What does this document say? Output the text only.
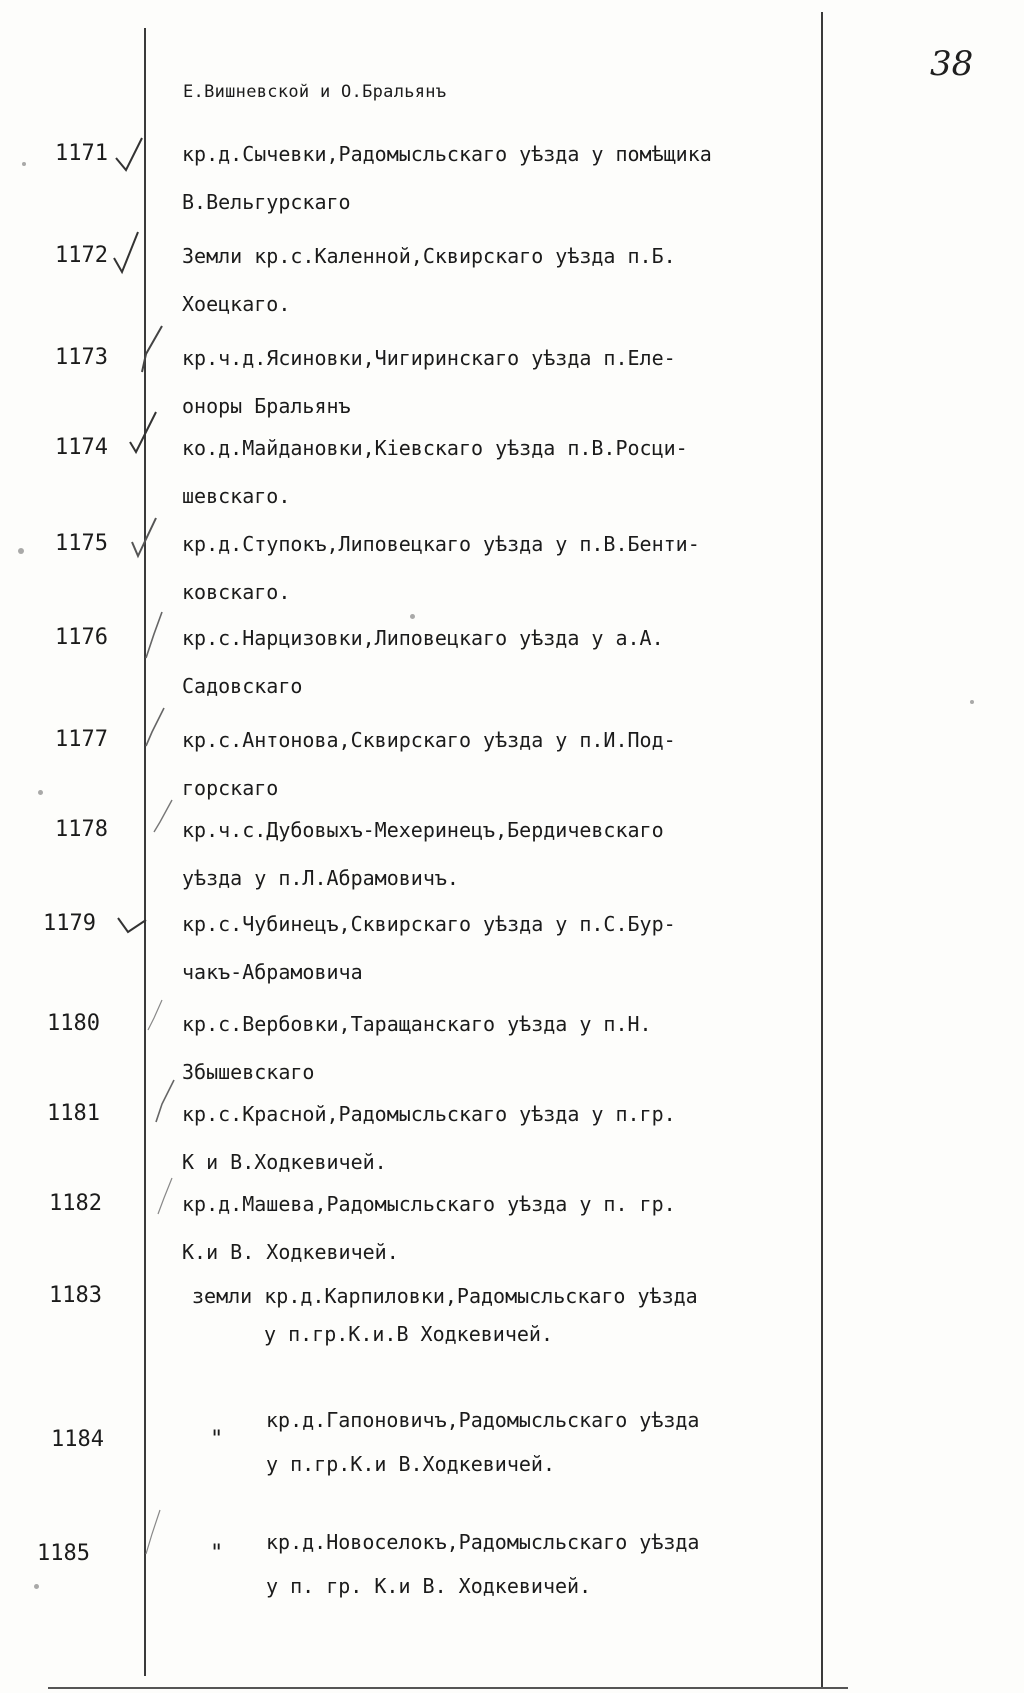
38
Е.Вишневской и О.Бральянъ
1171	кр.д.Сычевки,Радомысльскаго уѣзда у помѣщика
В.Вельгурскаго
1172	Земли кр.с.Каленной,Сквирскаго уѣзда п.Б.
Хоецкаго.
1173	кр.ч.д.Ясиновки,Чигиринскаго уѣзда п.Еле-
оноры Бральянъ
1174	ко.д.Майдановки,Кіевскаго уѣзда п.В.Росци-
шевскаго.
1175	кр.д.Ступокъ,Липовецкаго уѣзда у п.В.Бенти-
ковскаго.
1176	кр.с.Нарцизовки,Липовецкаго уѣзда у а.А.
Садовскаго
1177	кр.с.Антонова,Сквирскаго уѣзда у п.И.Под-
горскаго
1178	кр.ч.с.Дубовыхъ-Мехеринецъ,Бердичевскаго
уѣзда у п.Л.Абрамовичъ.
1179	кр.с.Чубинецъ,Сквирскаго уѣзда у п.С.Бур-
чакъ-Абрамовича
1180	кр.с.Вербовки,Таращанскаго уѣзда у п.Н.
Збышевскаго
1181	кр.с.Красной,Радомысльскаго уѣзда у п.гр.
К и В.Ходкевичей.
1182	кр.д.Машева,Радомысльскаго уѣзда у п. гр.
К.и В. Ходкевичей.
1183	земли кр.д.Карпиловки,Радомысльскаго уѣзда
у п.гр.К.и.В Ходкевичей.
1184	"
кр.д.Гапоновичъ,Радомысльскаго уѣзда
у п.гр.К.и В.Ходкевичей.
1185	" кр.д.Новоселокъ,Радомысльскаго уѣзда
у п. гр. К.и В. Ходкевичей.
